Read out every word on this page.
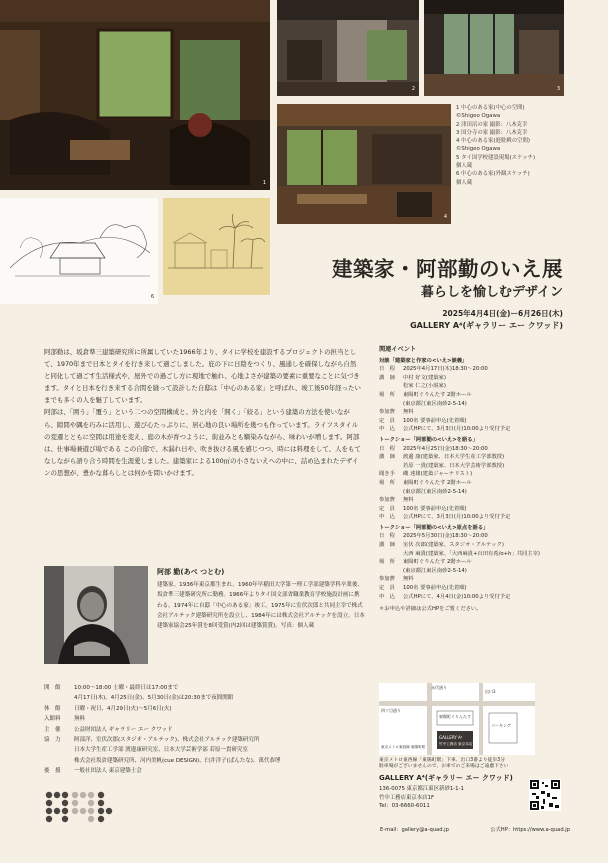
1
2	3
4
6
1 中心のある家(中心の空間)
©Shigeo Ogawa
2 津田沼の家 撮影：八木克幸
3 国分寺の家 撮影：八木克幸
4 中心のある家(進駐殿の空間)
©Shigeo Ogawa
5 タイ国学校建設現場(スケッチ)
個人蔵
6 中心のある家(外観スケッチ)
個人蔵
建築家・阿部勤のいえ展
暮らしを愉しむデザイン
2025年4月4日(金)ー6月26日(木)
GALLERY A⁴(ギャラリー エー クワッド)

阿部勤は、坂倉準三建築研究所に所属していた1966年より、タイに学校を建設するプロジェクトの担当として、1970年まで日本とタイを行き来して過ごしました。庇の下に日陰をつくり、風通しを確保しながら自然と同化して過ごす生活様式や、屋外での過ごし方に現地で触れ、心地よさが建築の要素に重要なことに気づきます。タイと日本を行き来する合間を縫って設計した自邸は「中心のある家」と呼ばれ、竣工後50年経ったいまでも多くの人を魅了しています。

阿部は、「囲う」「覆う」という二つの空間構成と、外と内を「開く」「絞る」という建築の方法を使いながら、隙間や隅を巧みに活用し、遊び心たっぷりに、居心地の良い場所を幾つも作っています。ライフスタイルの変遷とともに空間は用途を変え、庭の木が育つように、街並みとも馴染みながら、味わいが増します。阿部は、仕事場兼遊び場である この自邸で、木漏れ日や、吹き抜ける風を感じつつ、時には料理をして、人をもてなしながら語り合う時間を生涯愛しました。建築家による100㎡の小さないえへの中に、詰め込まれたデザインの思想が、豊かな暮らしとは何かを問いかけます。

関連イベント
対談「建築家と作家の<いえ>談義」
日　程	2025年4月17日(木)18:30〜20:00
講　師	中村 好文(建築家)
松家 仁之(小説家)
場　所	東陽町ぐりんたす 2階ホール
(東京都江東区南砂2-5-14)
参加費	無料
定　員	100名 要事前申込(先着順)
申　込	公式HPにて、3月3日(月)10:00より受付予定
トークショー「阿部勤の<いえ>を語る」
日　程	2025年4月25日(金)18:30〜20:00
講　師	渡邊 康(建築家、日本大学生産工学部教授)
若原 一貴(建築家、日本大学芸術学部教授)
聞き手	磯 達雄(建築ジャーナリスト)
場　所	東陽町ぐりんたす 2階ホール
(東京都江東区南砂2-5-14)
参加費	無料
定　員	100名 要事前申込(先着順)
申　込	公式HPにて、3月3日(月)10:00より受付予定
トークショー「阿部勤の<いえ>原点を語る」
日　程	2025年5月30日(金)18:30〜20:00
講　師	室伏 次郎(建築家、スタジオ・アルテック)
大西 麻貴(建築家、「大西麻貴+百田有希/o+h」共同主宰)
場　所	東陽町ぐりんたす 2階ホール
(東京都江東区南砂2-5-14)
参加費	無料
定　員	100名 要事前申込(先着順)
申　込	公式HPにて、4月4日(金)10:00より受付予定
＊お申込や詳細は公式HPをご覧ください。
阿部 勤(あべ つとむ)
建築家。1936年東京都生まれ。1960年早稲田大学第一理工学部建築学科卒業後、坂倉準三建築研究所に勤務。1966年よりタイ国文部省職業教育学校施設計画に携わる。1974年に自邸「中心のある家」竣工。1975年に室伏次郎と共同主宰で株式会社アルテック建築研究所を設立し、1984年には株式会社アルテックを設立。日本建築家協会25年賞を8回受賞(内2回は建築賞賞)。写真：個人蔵
開　館	10:00〜18:00 土曜・最終日は17:00まで
4月17日(木)、4月25日(金)、5月30日(金)は20:30まで夜間開館
休　館	日曜・祝日、4月29日(火)〜5月6日(火)
入館料	無料
主　催	公益財団法人 ギャラリー エー クワッド
協　力	阿部洋、室伏次郎(スタジオ・アルテック)、株式会社アルテック建築研究所
日本大学生産工学部 渡邊康研究室、日本大学芸術学部 若原一貴研究室
株式会社坂倉建築研究所、河内美帆(cue DESIGN)、臼井洋子(ぱんたな)、萬代恭博
後　援	一般社団法人 東京建築士会
永代通り
四ツ目通り
東陽町ぐりんたす
GALLERY A⁴
竹中工務店 東京本店
出口3
パーキング
東京メトロ東西線 東陽町駅
東京メトロ東西線「東陽町駅」下車、出口3番より徒歩3分
駐車場がございませんので、お車でのご来場はご遠慮下さい
GALLERY A⁴(ギャラリー エー クワッド)
136-0075 東京都江東区新砂1-1-1
竹中工務店東京本店1F
Tel：03-6660-6011
E-mail：gallery@a-quad.jp	公式HP：https://www.a-quad.jp
